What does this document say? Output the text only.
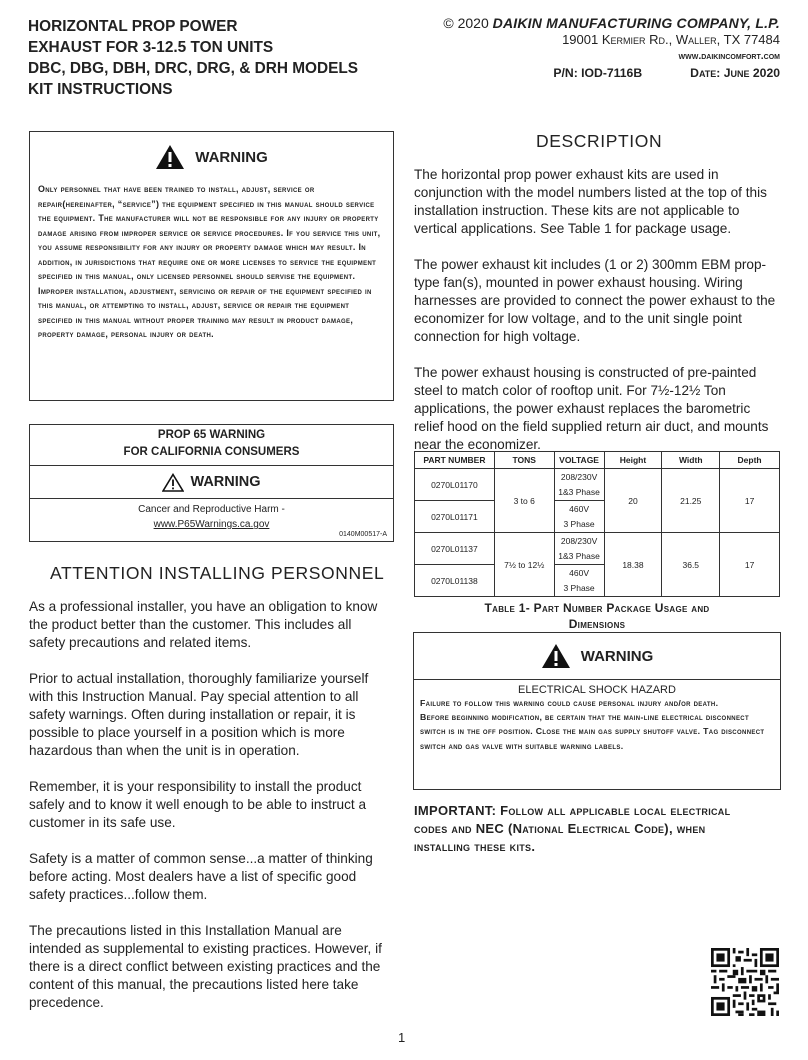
HORIZONTAL PROP POWER
EXHAUST FOR 3-12.5 TON UNITS
DBC, DBG, DBH, DRC, DRG, & DRH MODELS
KIT INSTRUCTIONS
© 2020 DAIKIN MANUFACTURING COMPANY, L.P.
19001 Kermier Rd., Waller, TX 77484
www.daikincomfort.com
P/N: IOD-7116B	Date: June 2020
WARNING
Only personnel that have been trained to install, adjust, service or repair(hereinafter, “service”) the equipment specified in this manual should service the equipment. The manufacturer will not be responsible for any injury or property damage arising from improper service or service procedures. If you service this unit, you assume responsibility for any injury or property damage which may result. In addition, in jurisdictions that require one or more licenses to service the equipment specified in this manual, only licensed personnel should servise the equipment.
Improper installation, adjustment, servicing or repair of the equipment specified in this manual, or attempting to install, adjust, service or repair the equipment specified in this manual without proper training may result in product damage, property damage, personal injury or death.
PROP 65 WARNING
FOR CALIFORNIA CONSUMERS
WARNING
Cancer and Reproductive Harm -
www.P65Warnings.ca.gov
0140M00517-A
ATTENTION INSTALLING PERSONNEL
As a professional installer, you have an obligation to know the product better than the customer. This includes all safety precautions and related items.
Prior to actual installation, thoroughly familiarize yourself with this Instruction Manual. Pay special attention to all safety warnings. Often during installation or repair, it is possible to place yourself in a position which is more hazardous than when the unit is in operation.
Remember, it is your responsibility to install the product safely and to know it well enough to be able to instruct a customer in its safe use.
Safety is a matter of common sense...a matter of thinking before acting. Most dealers have a list of specific good safety practices...follow them.
The precautions listed in this Installation Manual are intended as supplemental to existing practices. However, if there is a direct conflict between existing practices and the content of this manual, the precautions listed here take precedence.
DESCRIPTION
The horizontal prop power exhaust kits are used in conjunction with the model numbers listed at the top of this installation instruction. These kits are not applicable to vertical applications. See Table 1 for package usage.
The power exhaust kit includes (1 or 2) 300mm EBM prop-type fan(s), mounted in power exhaust housing. Wiring harnesses are provided to connect the power exhaust to the economizer for low voltage, and to the unit single point connection for high voltage.
The power exhaust housing is constructed of pre-painted steel to match color of rooftop unit. For 7½-12½ Ton applications, the power exhaust replaces the barometric relief hood on the field supplied return air duct, and mounts near the economizer.
PART NUMBER	TONS	VOLTAGE	Height	Width	Depth
0270L01170	3 to 6	208/230V	20	21.25	17
		1&3 Phase			
0270L01171		460V			
		3 Phase			
0270L01137	7½ to 12½	208/230V	18.38	36.5	17
		1&3 Phase			
0270L01138		460V			
		3 Phase			
Table 1- Part Number Package Usage and
Dimensions
WARNING
ELECTRICAL SHOCK HAZARD
Failure to follow this warning could cause personal injury and/or death.
Before beginning modification, be certain that the main-line electrical disconnect switch is in the off position. Close the main gas supply shutoff valve. Tag disconnect switch and gas valve with suitable warning labels.
IMPORTANT: Follow all applicable local electrical codes and NEC (National Electrical Code), when installing these kits.
1
